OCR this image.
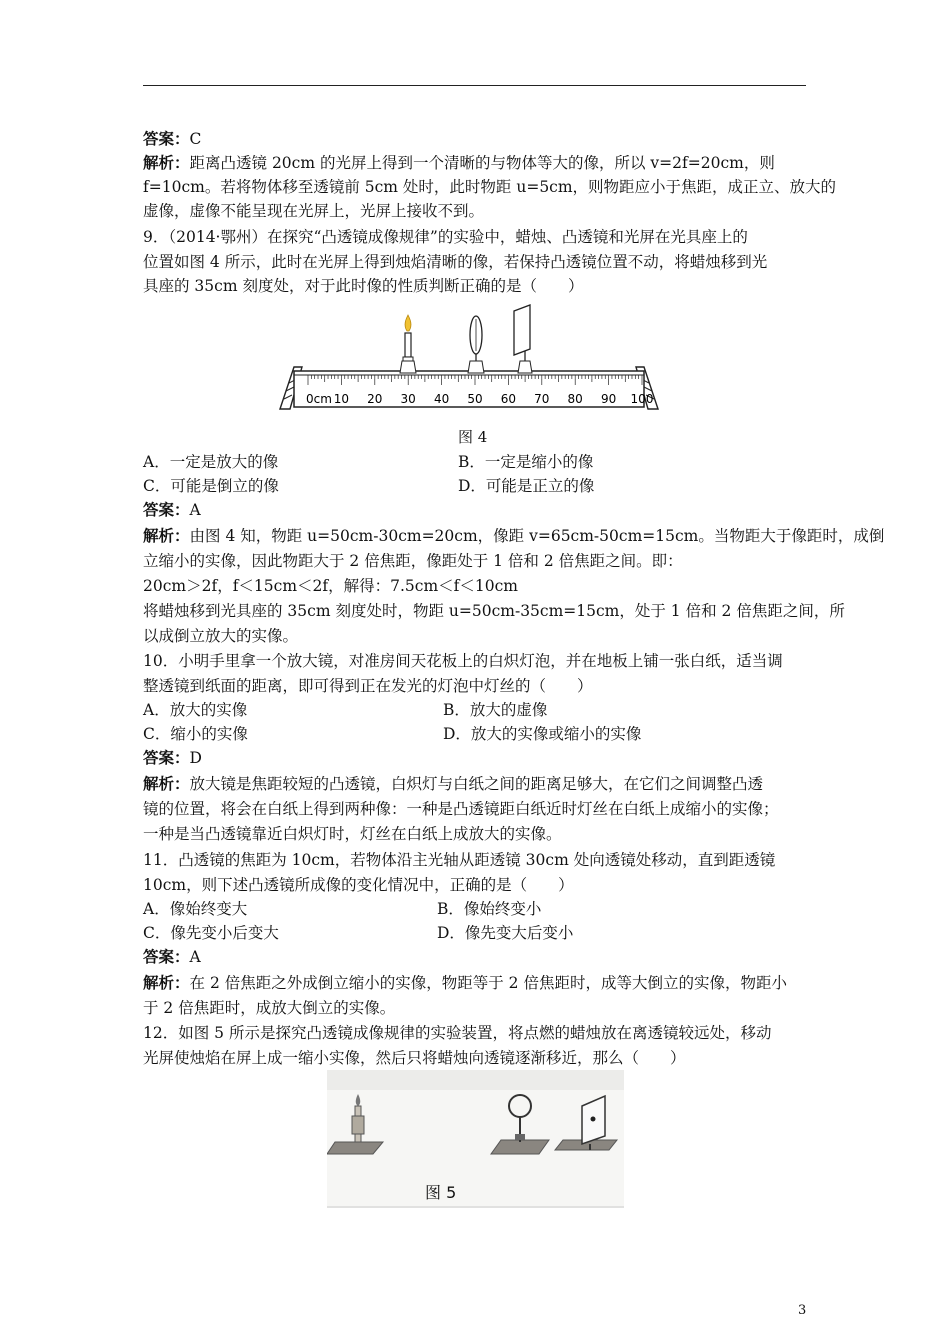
答案：C
解析：距离凸透镜 20cm 的光屏上得到一个清晰的与物体等大的像，所以 v=2f=20cm，则
f=10cm。若将物体移至透镜前 5cm 处时，此时物距 u=5cm，则物距应小于焦距，成正立、放大的
虚像，虚像不能呈现在光屏上，光屏上接收不到。
9．（2014·鄂州）在探究“凸透镜成像规律”的实验中，蜡烛、凸透镜和光屏在光具座上的
位置如图 4 所示，此时在光屏上得到烛焰清晰的像，若保持凸透镜位置不动，将蜡烛移到光
具座的 35cm 刻度处，对于此时像的性质判断正确的是（　　）
0cm 10 20 30 40 50 60 70 80 90 100
图 4
A．一定是放大的像	B．一定是缩小的像
C．可能是倒立的像	D．可能是正立的像
答案：A
解析：由图 4 知，物距 u=50cm-30cm=20cm，像距 v=65cm-50cm=15cm。当物距大于像距时，成倒
立缩小的实像，因此物距大于 2 倍焦距，像距处于 1 倍和 2 倍焦距之间。即：
20cm＞2f，f＜15cm＜2f，解得：7.5cm＜f＜10cm
将蜡烛移到光具座的 35cm 刻度处时，物距 u=50cm-35cm=15cm，处于 1 倍和 2 倍焦距之间，所
以成倒立放大的实像。
10．小明手里拿一个放大镜，对准房间天花板上的白炽灯泡，并在地板上铺一张白纸，适当调
整透镜到纸面的距离，即可得到正在发光的灯泡中灯丝的（　　）
A．放大的实像	B．放大的虚像
C．缩小的实像	D．放大的实像或缩小的实像
答案：D
解析：放大镜是焦距较短的凸透镜，白炽灯与白纸之间的距离足够大，在它们之间调整凸透
镜的位置，将会在白纸上得到两种像：一种是凸透镜距白纸近时灯丝在白纸上成缩小的实像；
一种是当凸透镜靠近白炽灯时，灯丝在白纸上成放大的实像。
11．凸透镜的焦距为 10cm，若物体沿主光轴从距透镜 30cm 处向透镜处移动，直到距透镜
10cm，则下述凸透镜所成像的变化情况中，正确的是（　　）
A．像始终变大	B．像始终变小
C．像先变小后变大	D．像先变大后变小
答案：A
解析：在 2 倍焦距之外成倒立缩小的实像，物距等于 2 倍焦距时，成等大倒立的实像，物距小
于 2 倍焦距时，成放大倒立的实像。
12．如图 5 所示是探究凸透镜成像规律的实验装置，将点燃的蜡烛放在离透镜较远处，移动
光屏使烛焰在屏上成一缩小实像，然后只将蜡烛向透镜逐渐移近，那么（　　）
图 5
3
